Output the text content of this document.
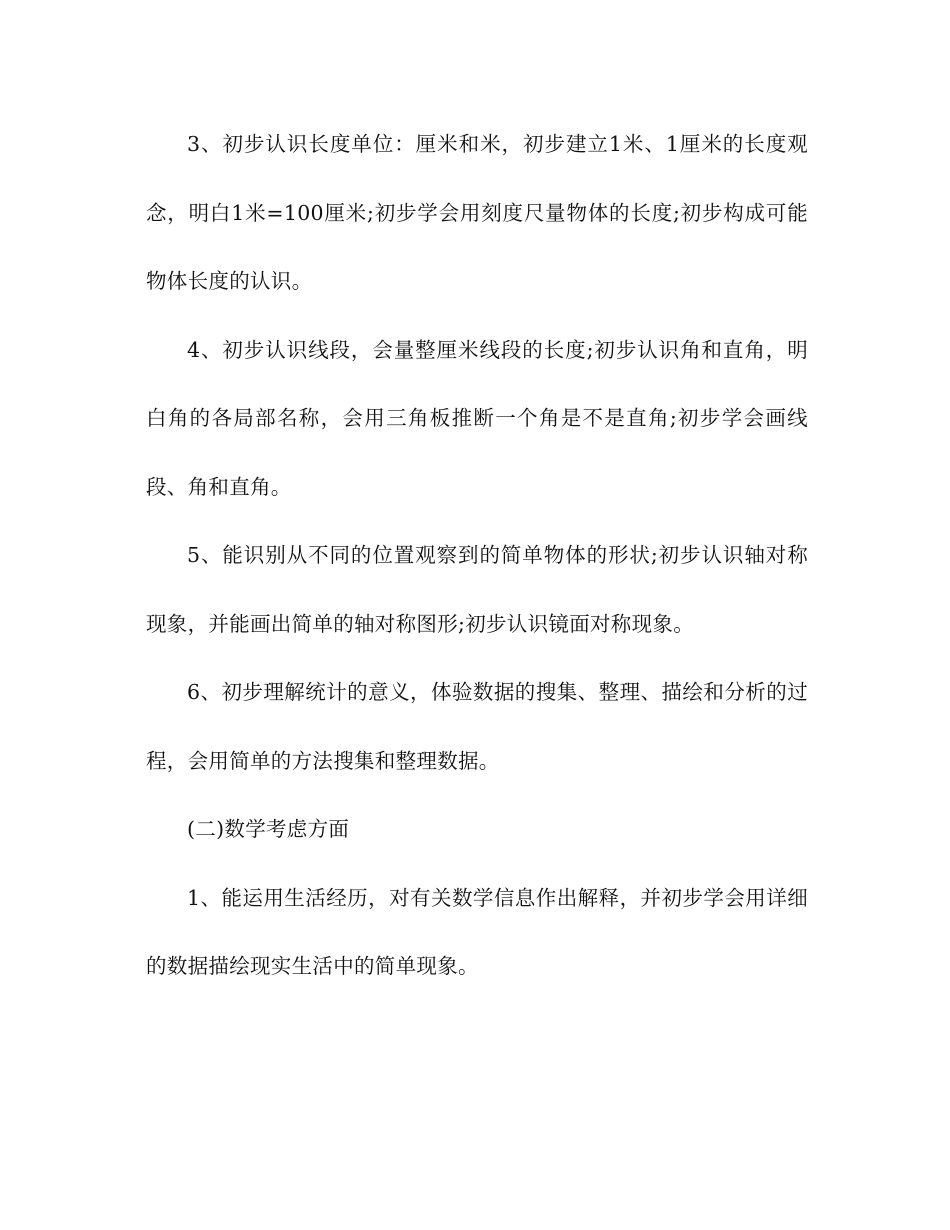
3、初步认识长度单位：厘米和米，初步建立1米、1厘米的长度观念，明白1米=100厘米;初步学会用刻度尺量物体的长度;初步构成可能物体长度的认识。

4、初步认识线段，会量整厘米线段的长度;初步认识角和直角，明白角的各局部名称，会用三角板推断一个角是不是直角;初步学会画线段、角和直角。

5、能识别从不同的位置观察到的简单物体的形状;初步认识轴对称现象，并能画出简单的轴对称图形;初步认识镜面对称现象。

6、初步理解统计的意义，体验数据的搜集、整理、描绘和分析的过程，会用简单的方法搜集和整理数据。

(二)数学考虑方面

1、能运用生活经历，对有关数学信息作出解释，并初步学会用详细的数据描绘现实生活中的简单现象。
